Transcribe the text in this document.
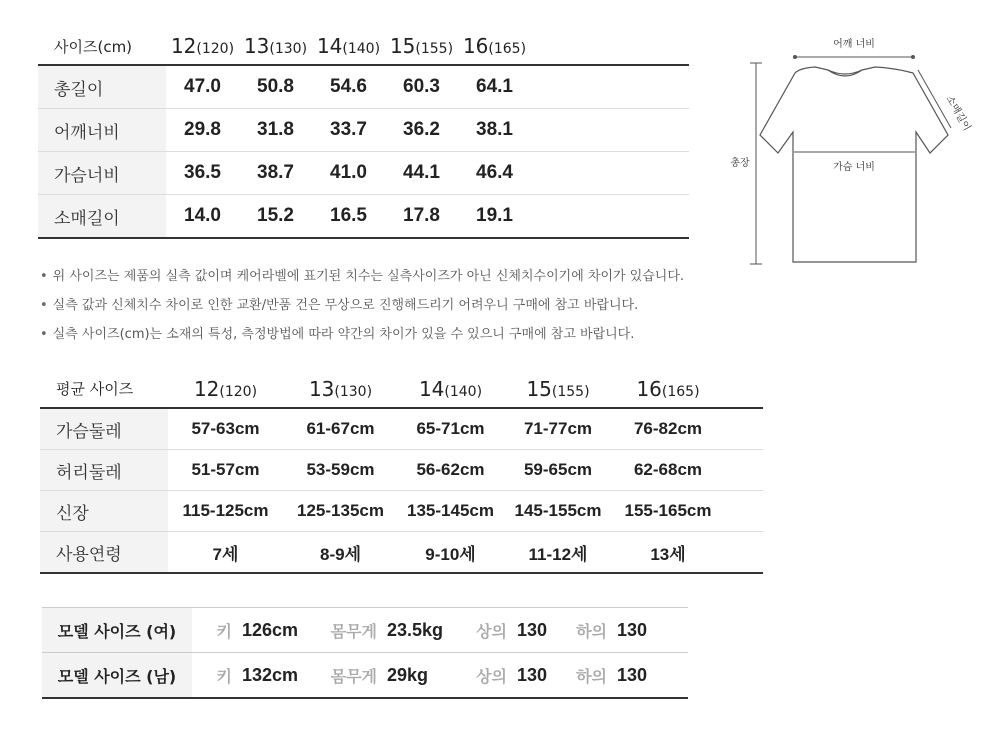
사이즈(cm)	12(120)	13(130)	14(140)	15(155)	16(165)	
총길이	47.0	50.8	54.6	60.3	64.1	
어깨너비	29.8	31.8	33.7	36.2	38.1	
가슴너비	36.5	38.7	41.0	44.1	46.4	
소매길이	14.0	15.2	16.5	17.8	19.1	
어깨 너비
총장	가슴 너비
소매길이
• 위 사이즈는 제품의 실측 값이며 케어라벨에 표기된 치수는 실측사이즈가 아닌 신체치수이기에 차이가 있습니다.
• 실측 값과 신체치수 차이로 인한 교환/반품 건은 무상으로 진행해드리기 어려우니 구매에 참고 바랍니다.
• 실측 사이즈(cm)는 소재의 특성, 측정방법에 따라 약간의 차이가 있을 수 있으니 구매에 참고 바랍니다.
평균 사이즈	12(120)	13(130)	14(140)	15(155)	16(165)	
가슴둘레	57-63cm	61-67cm	65-71cm	71-77cm	76-82cm	
허리둘레	51-57cm	53-59cm	56-62cm	59-65cm	62-68cm	
신장	115-125cm	125-135cm	135-145cm	145-155cm	155-165cm	
사용연령	7세	8-9세	9-10세	11-12세	13세	
모델 사이즈 (여)	키	126cm	몸무게	23.5kg	상의	130	하의	130
모델 사이즈 (남)	키	132cm	몸무게	29kg	상의	130	하의	130
